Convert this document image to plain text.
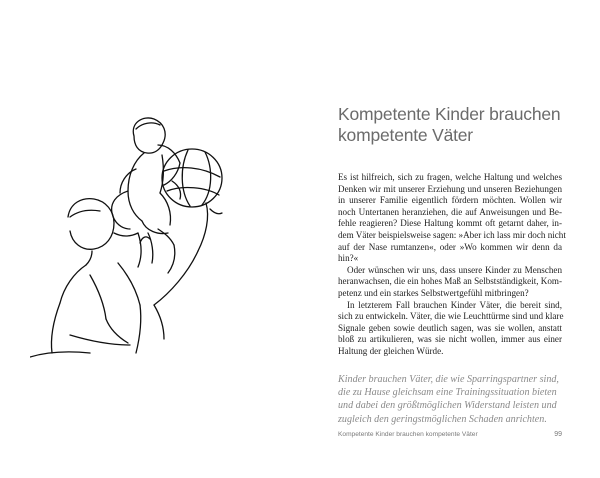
Kompetente Kinder brauchen
kompetente Väter
Es ist hilfreich, sich zu fragen, welche Haltung und welches
Denken wir mit unserer Erziehung und unseren Beziehungen
in unserer Familie eigentlich fördern möchten. Wollen wir
noch Untertanen heranziehen, die auf Anweisungen und Be-
fehle reagieren? Diese Haltung kommt oft getarnt daher, in-
dem Väter beispielsweise sagen: »Aber ich lass mir doch nicht
auf der Nase rumtanzen«, oder »Wo kommen wir denn da
hin?«
Oder wünschen wir uns, dass unsere Kinder zu Menschen
heranwachsen, die ein hohes Maß an Selbstständigkeit, Kom-
petenz und ein starkes Selbstwertgefühl mitbringen?
In letzterem Fall brauchen Kinder Väter, die bereit sind,
sich zu entwickeln. Väter, die wie Leuchttürme sind und klare
Signale geben sowie deutlich sagen, was sie wollen, anstatt
bloß zu artikulieren, was sie nicht wollen, immer aus einer
Haltung der gleichen Würde.
Kinder brauchen Väter, die wie Sparringspartner sind,
die zu Hause gleichsam eine Trainingssituation bieten
und dabei den größtmöglichen Widerstand leisten und
zugleich den geringstmöglichen Schaden anrichten.
Kompetente Kinder brauchen kompetente Väter	99
